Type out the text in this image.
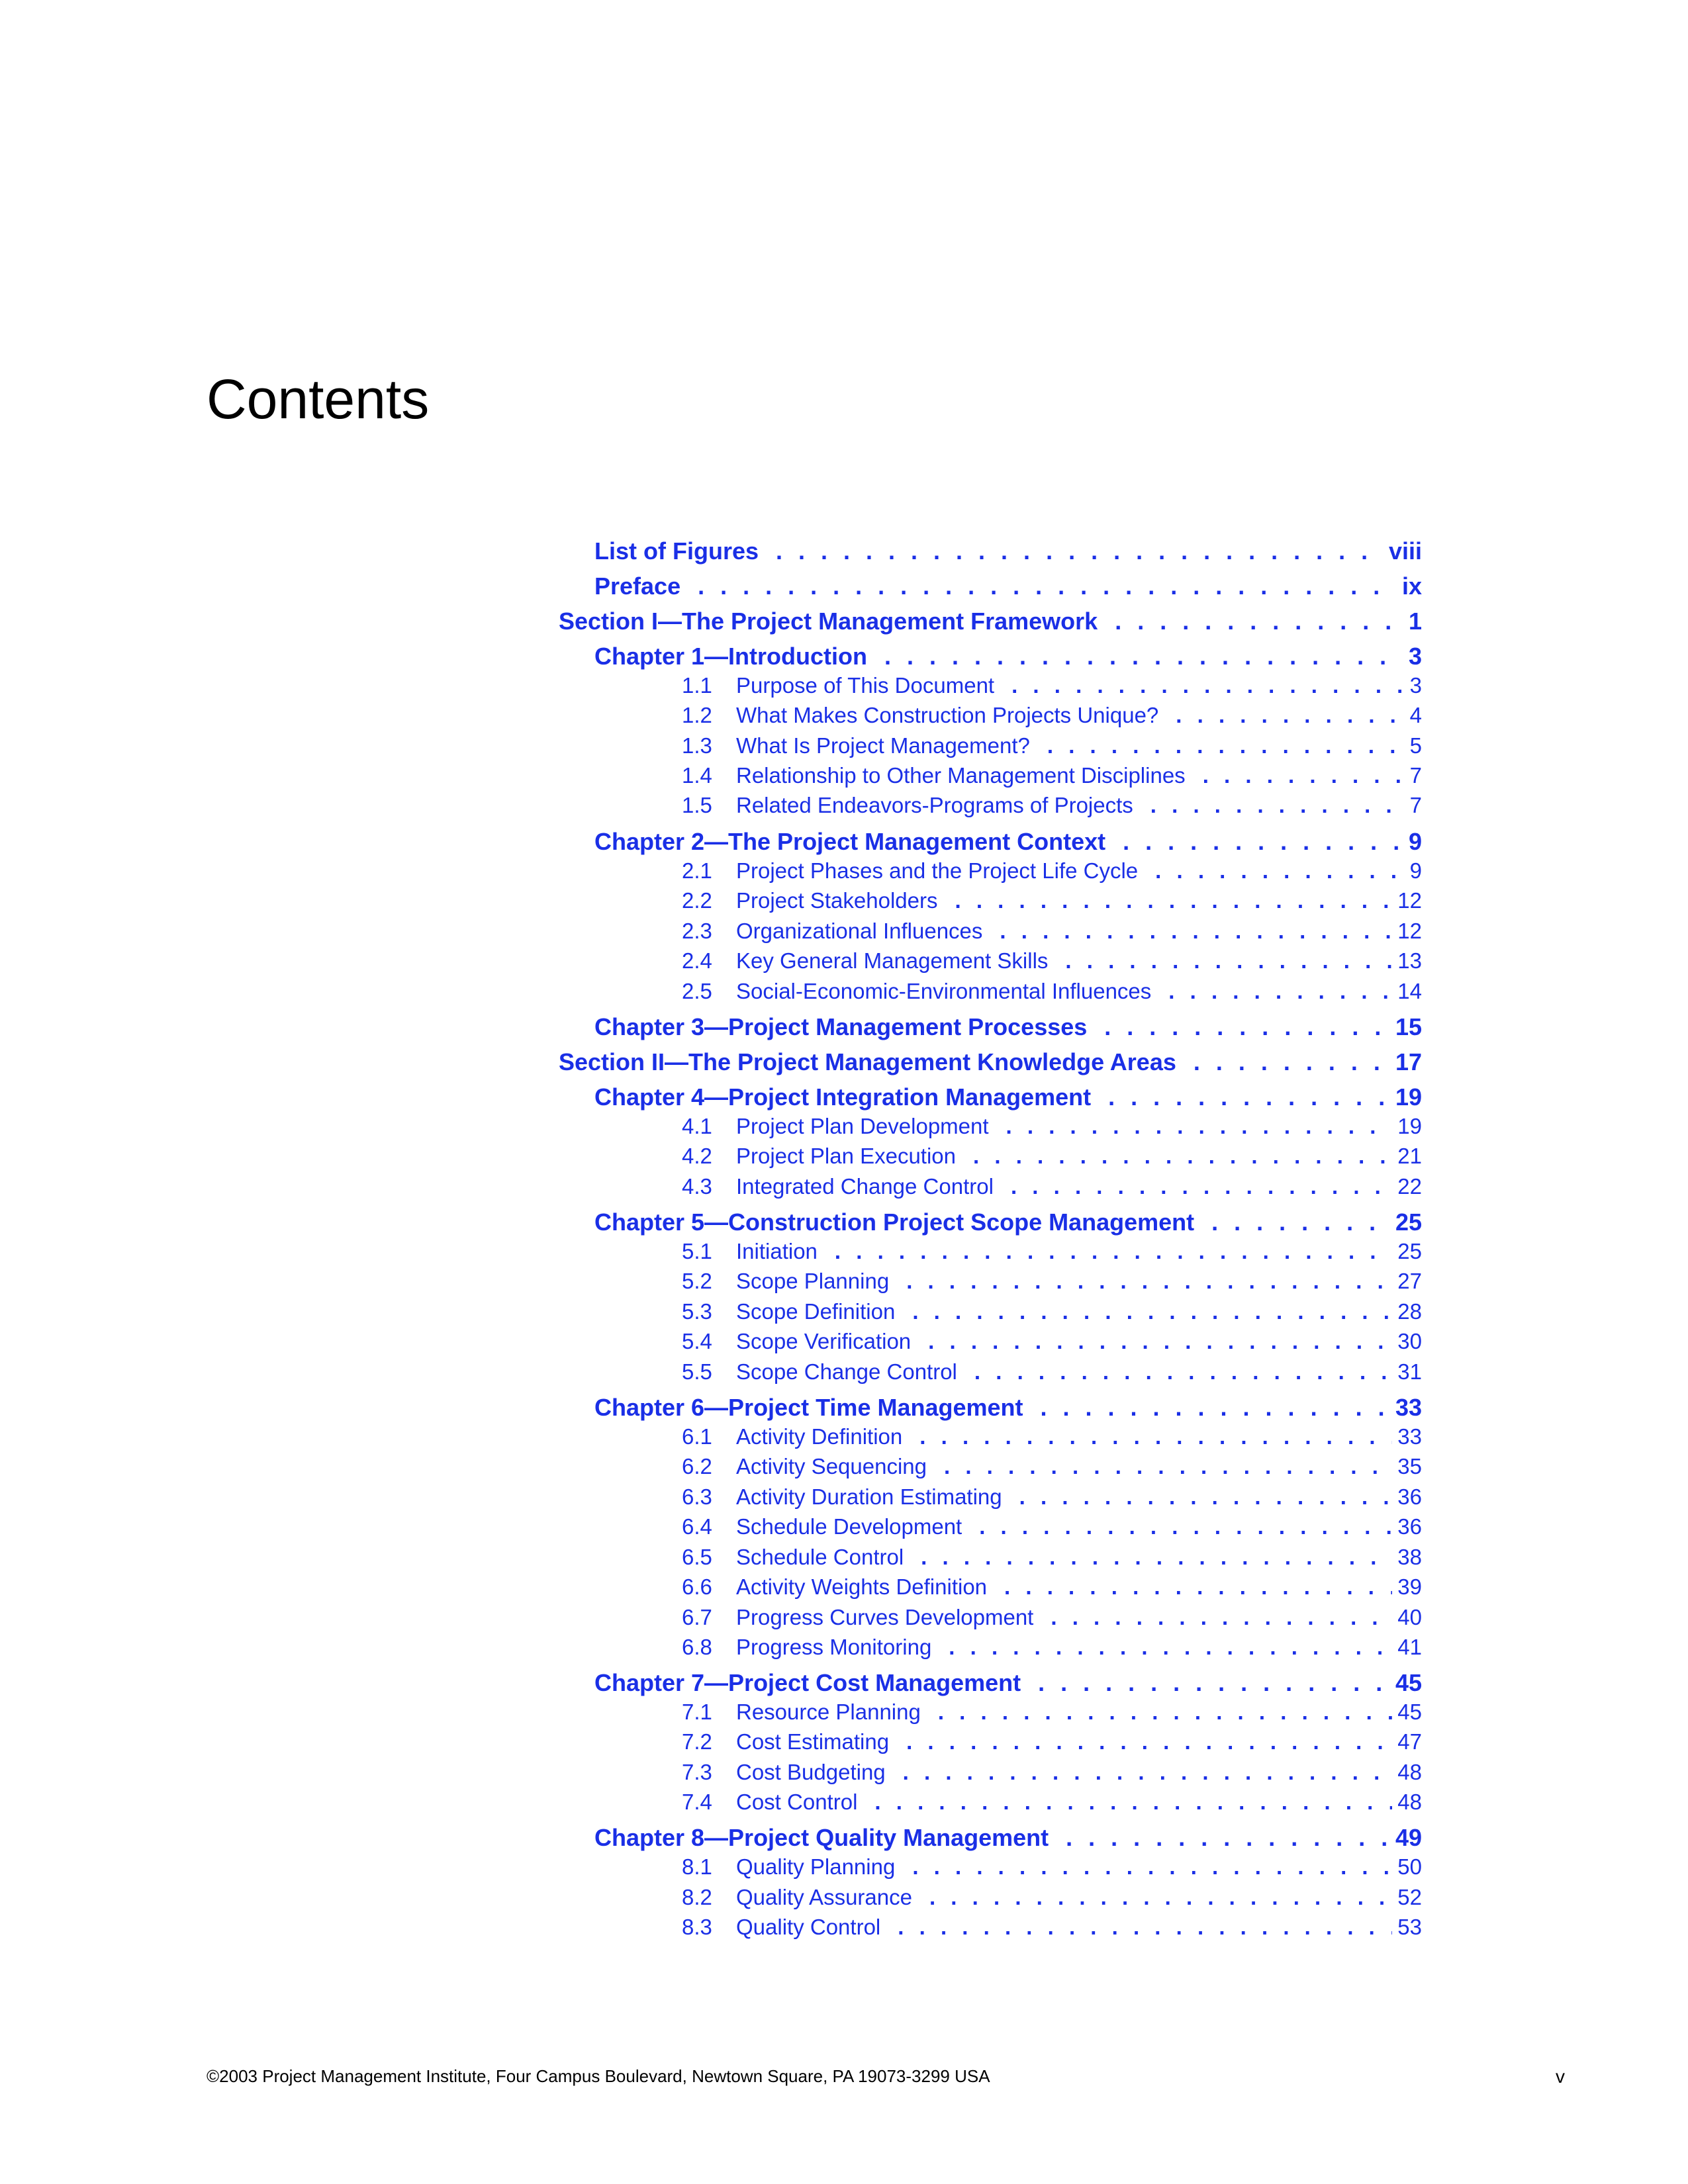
Contents
List of Figures . . .	viii
Preface . . .	ix
Section I—The Project Management Framework . . .	1
Chapter 1—Introduction . . .	3
1.1	Purpose of This Document . . .	3
1.2	What Makes Construction Projects Unique? . . .	4
1.3	What Is Project Management? . . .	5
1.4	Relationship to Other Management Disciplines . . .	7
1.5	Related Endeavors-Programs of Projects . . .	7
Chapter 2—The Project Management Context . . .	9
2.1	Project Phases and the Project Life Cycle . . .	9
2.2	Project Stakeholders . . .	12
2.3	Organizational Influences . . .	12
2.4	Key General Management Skills . . .	13
2.5	Social-Economic-Environmental Influences . . .	14
Chapter 3—Project Management Processes . . .	15
Section II—The Project Management Knowledge Areas . . .	17
Chapter 4—Project Integration Management . . .	19
4.1	Project Plan Development . . .	19
4.2	Project Plan Execution . . .	21
4.3	Integrated Change Control . . .	22
Chapter 5—Construction Project Scope Management . . .	25
5.1	Initiation . . .	25
5.2	Scope Planning . . .	27
5.3	Scope Definition . . .	28
5.4	Scope Verification . . .	30
5.5	Scope Change Control . . .	31
Chapter 6—Project Time Management . . .	33
6.1	Activity Definition . . .	33
6.2	Activity Sequencing . . .	35
6.3	Activity Duration Estimating . . .	36
6.4	Schedule Development . . .	36
6.5	Schedule Control . . .	38
6.6	Activity Weights Definition . . .	39
6.7	Progress Curves Development . . .	40
6.8	Progress Monitoring . . .	41
Chapter 7—Project Cost Management . . .	45
7.1	Resource Planning . . .	45
7.2	Cost Estimating . . .	47
7.3	Cost Budgeting . . .	48
7.4	Cost Control . . .	48
Chapter 8—Project Quality Management . . .	49
8.1	Quality Planning . . .	50
8.2	Quality Assurance . . .	52
8.3	Quality Control . . .	53
©2003 Project Management Institute, Four Campus Boulevard, Newtown Square, PA 19073-3299 USA	v
